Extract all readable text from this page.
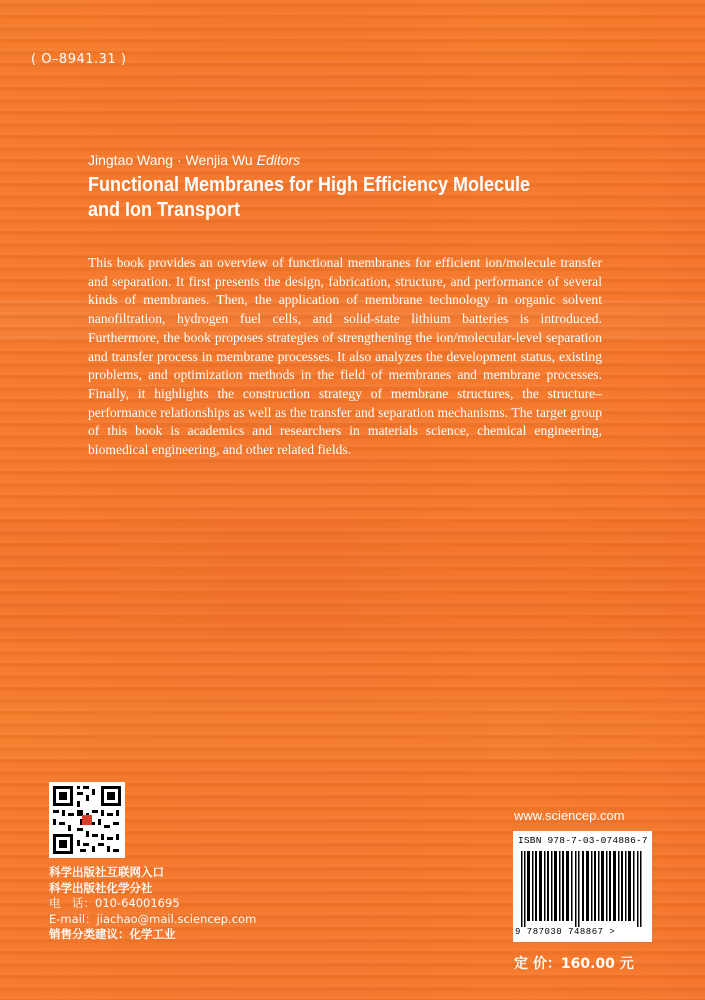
( O–8941.31 )
Jingtao Wang · Wenjia Wu Editors
Functional Membranes for High Efficiency Molecule and Ion Transport
This book provides an overview of functional membranes for efficient ion/molecule transfer and separation. It first presents the design, fabrication, structure, and performance of several kinds of membranes. Then, the application of membrane technology in organic solvent nanofiltration, hydrogen fuel cells, and solid-state lithium batteries is introduced. Furthermore, the book proposes strategies of strengthening the ion/molecular-level separation and transfer process in membrane processes. It also analyzes the development status, existing problems, and optimization methods in the field of membranes and membrane processes. Finally, it highlights the construction strategy of membrane structures, the structure–performance relationships as well as the transfer and separation mechanisms. The target group of this book is academics and researchers in materials science, chemical engineering, biomedical engineering, and other related fields.
科学出版社互联网入口
科学出版社化学分社
电　话：010-64001695
E-mail：jiachao@mail.sciencep.com
销售分类建议：化学工业
www.sciencep.com
ISBN 978-7-03-074886-7
9 787030 748867 >
定 价：160.00 元
